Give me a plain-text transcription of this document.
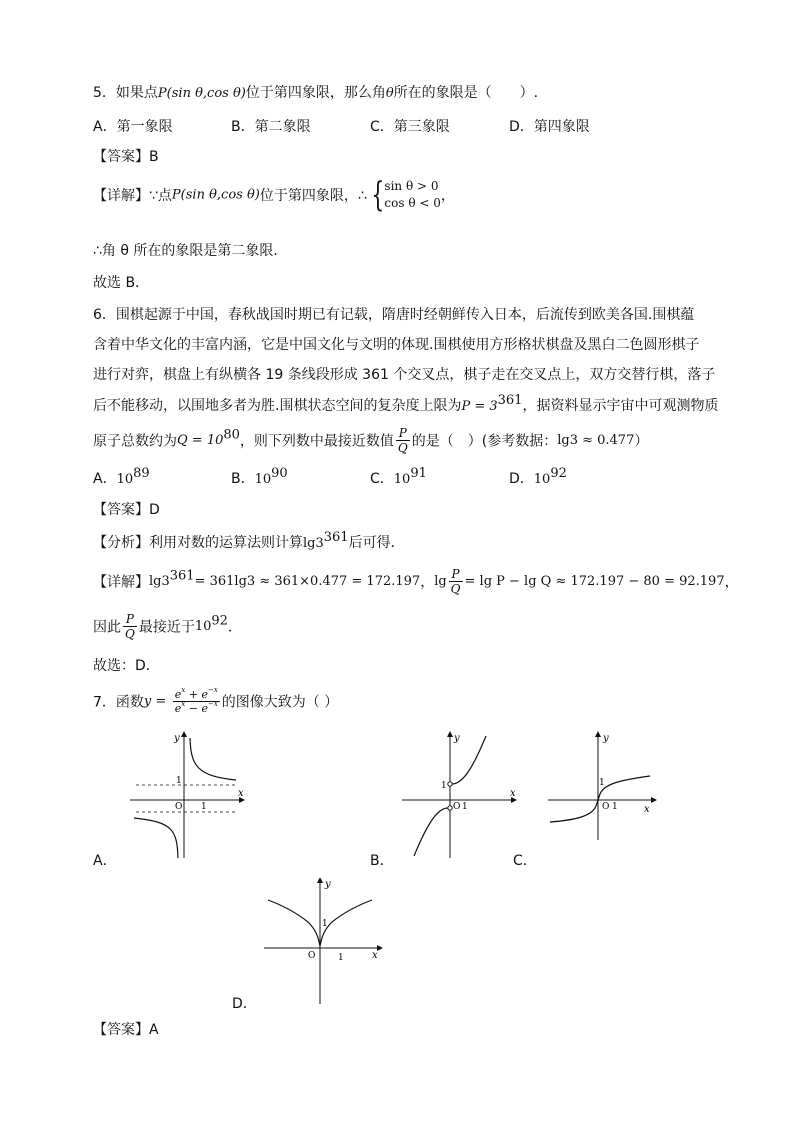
5．如果点P(sin θ,cos θ)位于第四象限，那么角θ所在的象限是（　　）.
A．第一象限	B．第二象限	C．第三象限	D．第四象限
【答案】B
【详解】∵点P(sin θ,cos θ)位于第四象限，∴ { sin θ > 0
cos θ < 0 ，
∴角 θ 所在的象限是第二象限．
故选 B．
6．围棋起源于中国，春秋战国时期已有记载，隋唐时经朝鲜传入日本，后流传到欧美各国.围棋蕴
含着中华文化的丰富内涵，它是中国文化与文明的体现.围棋使用方形格状棋盘及黑白二色圆形棋子
进行对弈，棋盘上有纵横各 19 条线段形成 361 个交叉点，棋子走在交叉点上，双方交替行棋，落子
后不能移动，以围地多者为胜.围棋状态空间的复杂度上限为$P = 3^{361}$，据资料显示宇宙中可观测物质
原子总数约为$Q = 10^{80}$，则下列数中最接近数值 $\frac{P}{Q}$ 的是（　）(参考数据：lg3 ≈ 0.477）
A．$10^{89}$	B．$10^{90}$	C．$10^{91}$	D．$10^{92}$
【答案】D
【分析】利用对数的运算法则计算$\lg 3^{361}$后可得．
【详解】$\lg 3^{361}= 361\lg 3 \approx 361\times 0.477 = 172.197$，$\lg \frac{P}{Q} = \lg P - \lg Q \approx 172.197 - 80 = 92.197$，
因此 $\frac{P}{Q}$ 最接近于$10^{92}$．
故选：D．
7．函数$y = \frac{e^x + e^{-x}}{e^x - e^{-x}}$ 的图像大致为（ ）
y
x
1
O 1
A．
y
x
1
O 1
B．
y
x
1
O 1
C．
y
x
1
O	1
D．
【答案】A
